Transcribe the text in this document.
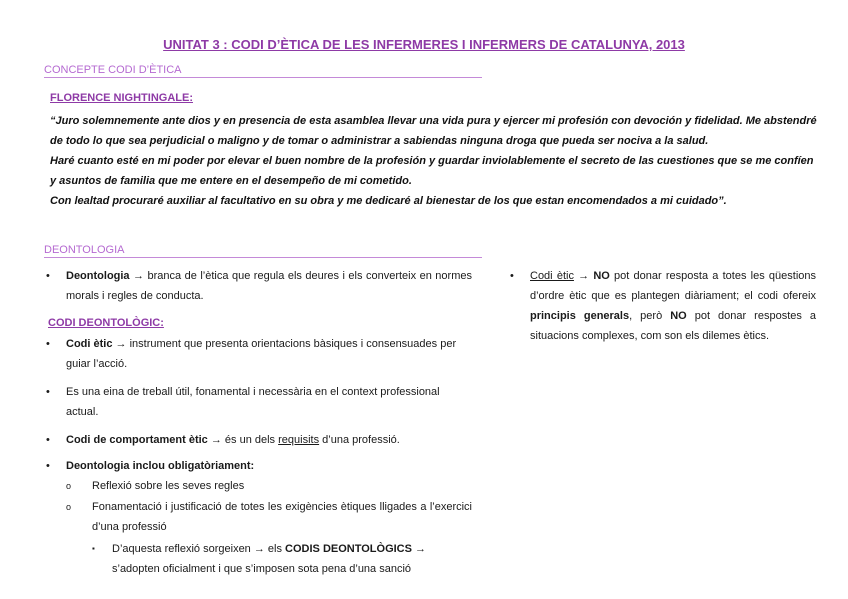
UNITAT 3 : CODI D’ÈTICA DE LES INFERMERES I INFERMERS DE CATALUNYA, 2013
CONCEPTE CODI D’ÈTICA
FLORENCE NIGHTINGALE:

“Juro solemnemente ante dios y en presencia de esta asamblea llevar una vida pura y ejercer mi profesión con devoción y fidelidad. Me abstendré de todo lo que sea perjudicial o maligno y de tomar o administrar a sabiendas ninguna droga que pueda ser nociva a la salud.

Haré cuanto esté en mi poder por elevar el buen nombre de la profesión y guardar inviolablemente el secreto de las cuestiones que se me confíen y asuntos de familia que me entere en el desempeño de mi cometido.

Con lealtad procuraré auxiliar al facultativo en su obra y me dedicaré al bienestar de los que estan encomendados a mi cuidado”.

DEONTOLOGIA
•	Deontologia → branca de l’ètica que regula els deures i els converteix en normes morals i regles de conducta.
CODI DEONTOLÒGIC:
•	Codi ètic → instrument que presenta orientacions bàsiques i consensuades per guiar l’acció.
•	Es una eina de treball útil, fonamental i necessària en el context professional actual.
•	Codi de comportament ètic → és un dels requisits d’una professió.
•	Deontologia inclou obligatòriament:
o	Reflexió sobre les seves regles
o	Fonamentació i justificació de totes les exigències ètiques lligades a l’exercici d’una professió
▪	D’aquesta reflexió sorgeixen → els CODIS DEONTOLÒGICS → s’adopten oficialment i que s’imposen sota pena d’una sanció
•	Codi ètic → NO pot donar resposta a totes les qüestions d’ordre ètic que es plantegen diàriament; el codi ofereix principis generals, però NO pot donar respostes a situacions complexes, com son els dilemes ètics.
